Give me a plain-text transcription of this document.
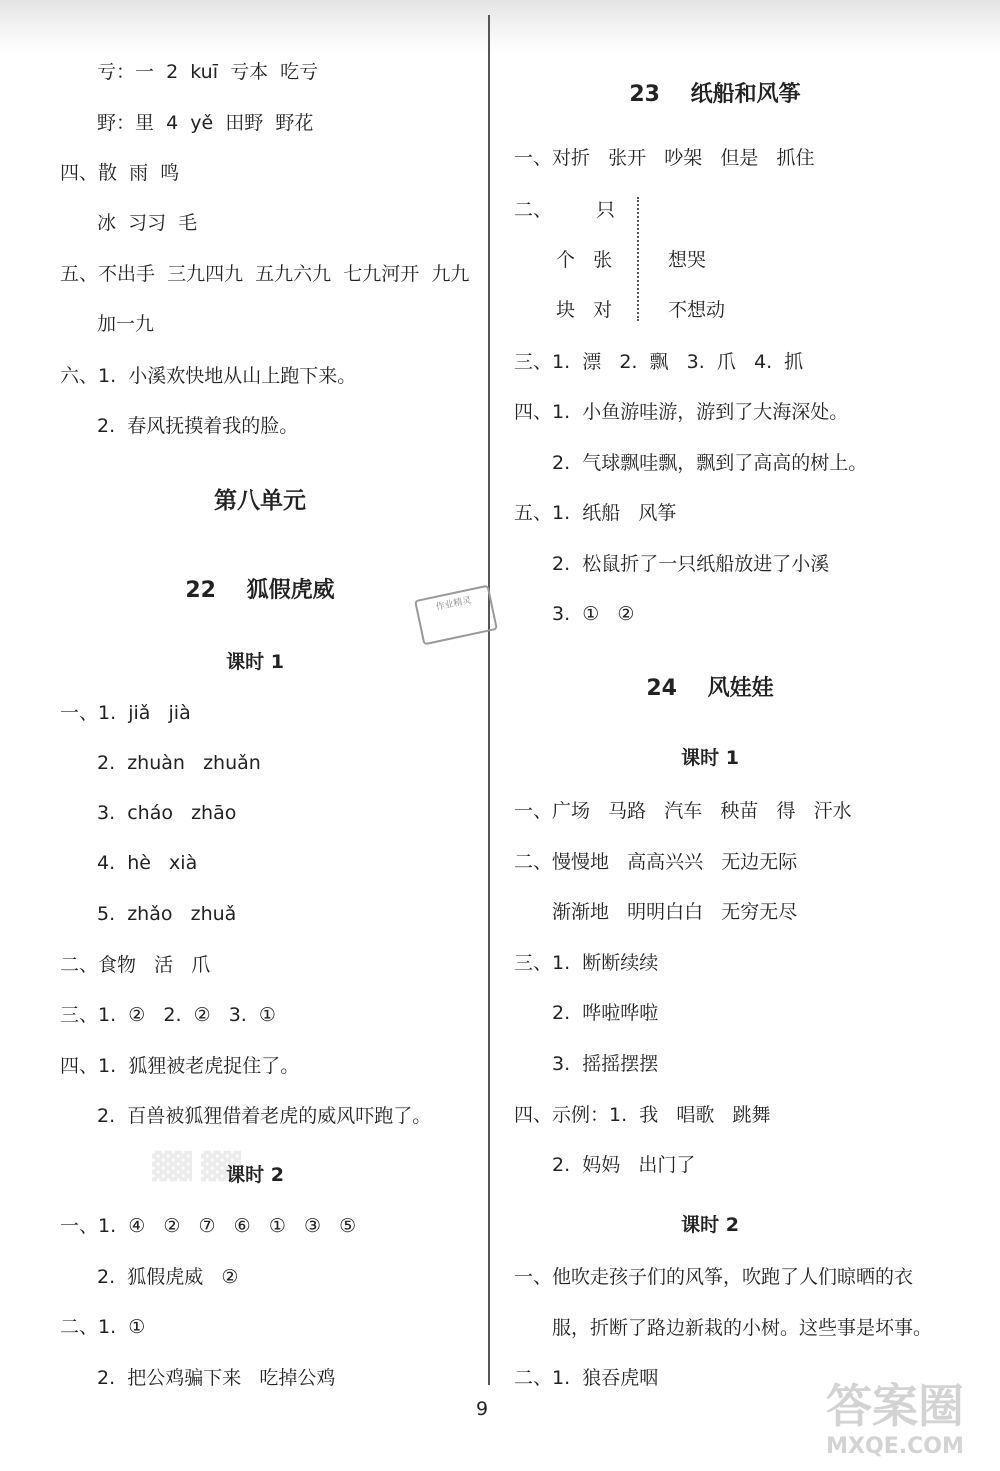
亏：一  2  kuī  亏本  吃亏
野：里  4  yě  田野  野花
四、散  雨  鸣
冰  习习  毛
五、不出手  三九四九  五九六九  七九河开  九九
加一九
六、1.  小溪欢快地从山上跑下来。
2.  春风抚摸着我的脸。
第八单元
22    狐假虎威
课时 1
一、1.  jiǎ   jià
2.  zhuàn   zhuǎn
3.  cháo   zhāo
4.  hè   xià
5.  zhǎo   zhuǎ
二、食物   活   爪
三、1.  ②   2.  ②   3.  ①
四、1.  狐狸被老虎捉住了。
2.  百兽被狐狸借着老虎的威风吓跑了。
▓▓ ▓▓
课时 2
一、1.  ④   ②   ⑦   ⑥   ①   ③   ⑤
2.  狐假虎威   ②
二、1.  ①
2.  把公鸡骗下来   吃掉公鸡
作业精灵
23    纸船和风筝
一、对折   张开   吵架   但是   抓住
二、 只
个   张
块   对
想哭
不想动
三、1.  漂   2.  飘   3.  爪   4.  抓
四、1.  小鱼游哇游，游到了大海深处。
2.  气球飘哇飘，飘到了高高的树上。
五、1.  纸船   风筝
2.  松鼠折了一只纸船放进了小溪
3.  ①   ②
24    风娃娃
课时 1
一、广场   马路   汽车   秧苗   得   汗水
二、慢慢地   高高兴兴   无边无际
渐渐地   明明白白   无穷无尽
三、1.  断断续续
2.  哗啦哗啦
3.  摇摇摆摆
四、示例：1.  我   唱歌   跳舞
2.  妈妈   出门了
课时 2
一、他吹走孩子们的风筝，吹跑了人们晾晒的衣
服，折断了路边新栽的小树。这些事是坏事。
二、1.  狼吞虎咽
9	答案圈
MXQE.COM
